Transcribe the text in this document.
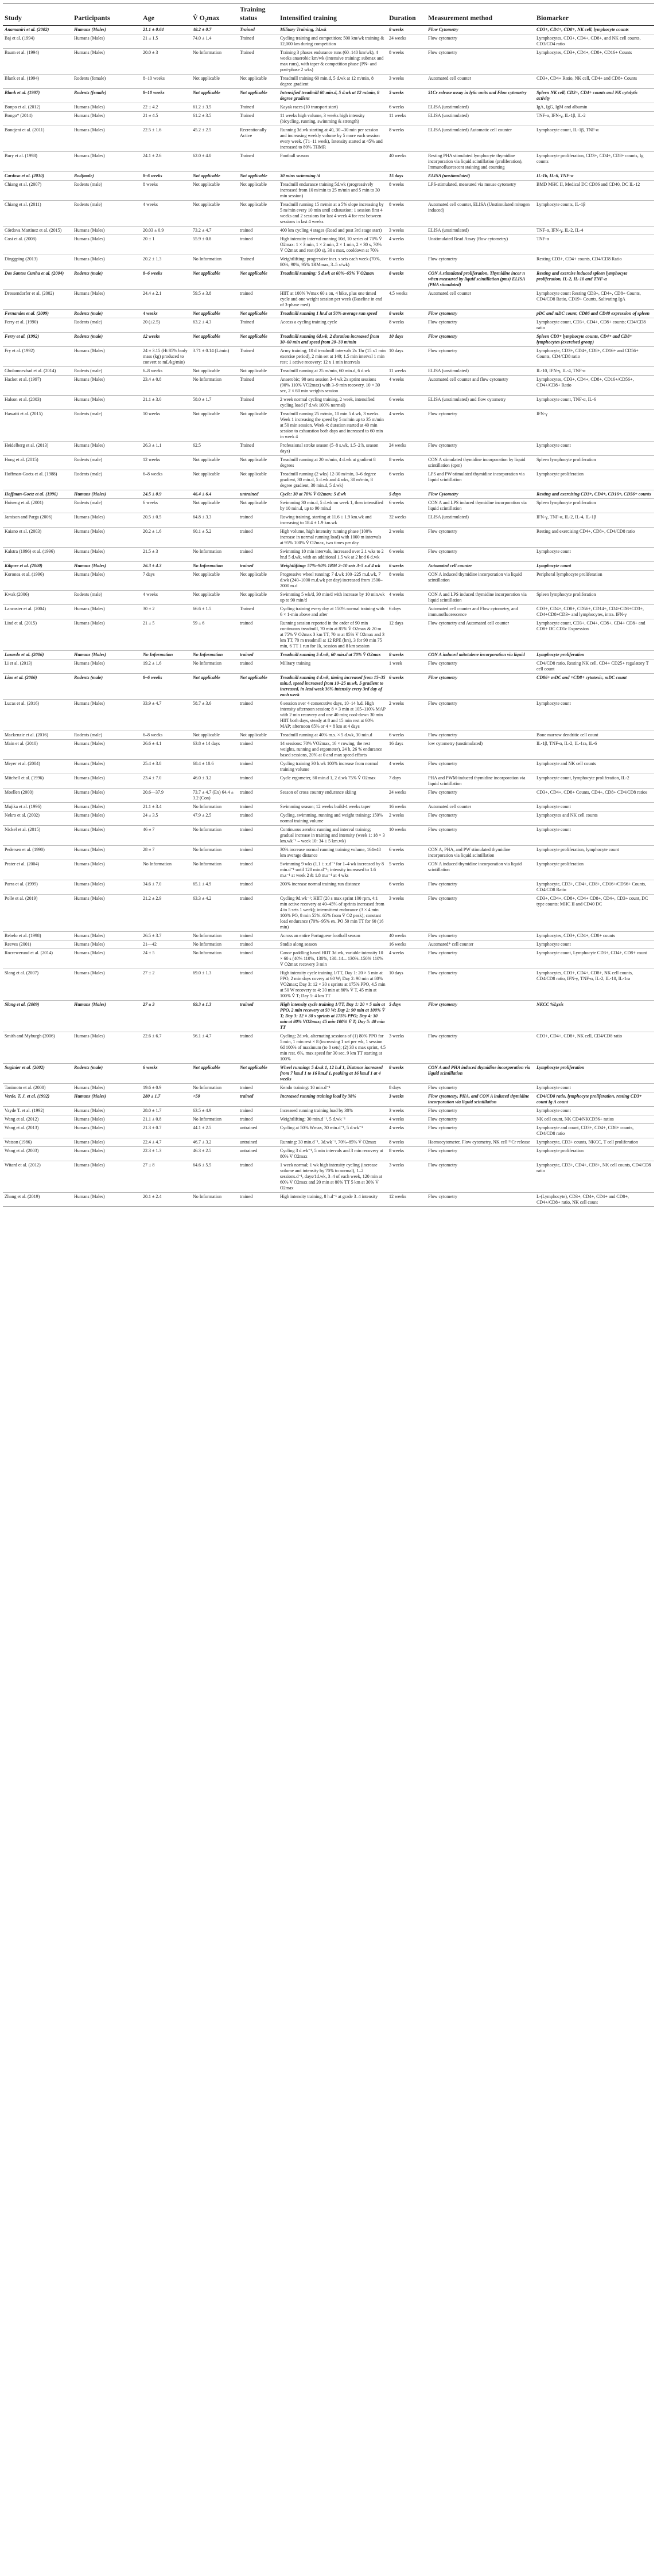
Study	Participants	Age	V̇ O₂max	Training status	Intensified training	Duration	Measurement method	Biomarker
Anamaniri et al. (2002)	Humans (Males)	21.1 ± 0.64	48.2 ± 0.7	Trained	Military Training, 3d.wk	8 weeks	Flow Cytometry	CD3+, CD4+, CD8+, NK cell, lymphocyte counts
Baj et al. (1994)	Humans (Males)	21 ± 1.5	74.0 ± 1.4	Trained	Cycling training and competition; 500 km/wk training & 12,000 km during competition	24 weeks	Flow cytometry	Lymphocytes, CD3+, CD4+, CD8+, and NK cell counts, CD3/CD4 ratio
Baum et al. (1994)	Humans (Males)	20.0 ± 3	No Information	Trained	Training 3 phases endurance runs (60–140 km/wk), 4 weeks anaerobic km/wk (intensive training: submax and max runs), with taper & competition phase (PN- and post-phase 2 wks)	8 weeks	Flow cytometry	Lymphocytes, CD3+, CD4+, CD8+, CD16+ Counts
Blank et al. (1994)	Rodents (female)	8–10 weeks	Not applicable	Not applicable	Treadmill training 60 min.d, 5 d.wk at 12 m/min, 8 degree gradient	3 weeks	Automated cell counter	CD3+, CD4+ Ratio, NK cell, CD4+ and CD8+ Counts
Blank et al. (1997)	Rodents (female)	8–10 weeks	Not applicable	Not applicable	Intensified treadmill 60 min.d, 5 d.wk at 12 m/min, 8 degree gradient	5 weeks	51Cr release assay in lytic units and Flow cytometry	Spleen NK cell, CD3+, CD4+ counts and NK cytolytic activity
Bonpo et al. (2012)	Humans (Males)	22 ± 4.2	61.2 ± 3.5	Trained	Kayak races (10 transport start)	6 weeks	ELISA (unstimulated)	IgA, IgG, IgM and albumin
Bongo* (2014)	Humans (Males)	21 ± 4.5	61.2 ± 3.5	Trained	11 weeks high volume, 3 weeks high intensity (bicycling, running, swimming & strength)	11 weeks	ELISA (unstimulated)	TNF-α, IFN-γ, IL-1β, IL-2
Boncjeni et al. (2011)	Humans (Males)	22.5 ± 1.6	45.2 ± 2.5	Recreationally Active	Running 3d.wk starting at 40, 30 –30 min per session and increasing weekly volume by 5 more each session every week. (T1–11 week), Intensity started at 45% and increased to 80% THMR	8 weeks	ELISA (unstimulated) Automatic cell counter	Lymphocyte count, IL-1β, TNF-α
Bury et al. (1998)	Humans (Males)	24.1 ± 2.6	62.0 ± 4.0	Trained	Football season	40 weeks	Resting PHA stimulated lymphocyte thymidine incorporation via liquid scintillation (proliferation), Immunofluorescent staining and counting	Lymphocyte proliferation, CD3+, CD4+, CD8+ counts, Ig counts
Cardoso et al. (2010)	Rod(male)	8–6 weeks	Not applicable	Not applicable	30 mins swimming /d	15 days	ELISA (unstimulated)	IL-1b, IL-6, TNF-α
Chiang et al. (2007)	Rodents (male)	8 weeks	Not applicable	Not applicable	Treadmill endurance training 5d.wk (progressively increased from 10 m/min to 25 m/min and 5 min to 30 min session)	8 weeks	LPS-stimulated, measured via mouse cytometry	BMD MHC II, Medical DC CD86 and CD40, DC IL-12
Chiang et al. (2011)	Rodents (male)	4 weeks	Not applicable	Not applicable	Treadmill running 15 m/min at a 5% slope increasing by 5 m/min every 10 min until exhaustion; 1 session first 4 weeks and 2 sessions for last 4 week 4 for rest between sessions in last 4 weeks	8 weeks	Automated cell counter, ELISA (Unstimulated mitogen induced)	Lymphocyte counts, IL-1β
Córdova Martinez et al. (2015)	Humans (Males)	20.03 ± 0.9	73.2 ± 4.7	trained	400 km cycling 4 stages (Road and post 3rd stage start)	3 weeks	ELISA (unstimulated)	TNF-α, IFN-γ, IL-2, IL-4
Cosi et al. (2008)	Humans (Males)	20 ± 1	55.9 ± 0.8	trained	High intensity interval running 10d, 10 series of 70% V̇ O2max: 1 × 3 min, 1 × 2 min, 2 × 1 min, 2 × 30 s, 70% V̇ O2max and rest (30 s), 30 s max, cooldown at 70%	4 weeks	Unstimulated Bead Assay (flow cytometry)	TNF-α
Dinggping (2013)	Humans (Males)	20.2 ± 1.3	No Information	Trained	Weightlifting: progressive incr. s sets each week (70%, 80%, 90%, 95% 1RMmax, 3–5 x/wk)	6 weeks	Flow cytometry	Resting CD3+, CD4+ counts, CD4/CD8 Ratio
Dos Santos Cunha et al. (2004)	Rodents (male)	8–6 weeks	Not applicable	Not applicable	Treadmill running: 5 d.wk at 60%–65% V̇ O2max	8 weeks	CON A stimulated proliferation, Thymidine incor n when measured by liquid scintillation (pms) ELISA (PHA stimulated)	Resting and exercise induced spleen lymphocyte proliferation, IL-2, IL-10 and TNF-α
Dressendorfer et al. (2002)	Humans (Males)	24.4 ± 2.1	59.5 ± 3.8	trained	HIIT at 100% Wmax 60 s on, 4 bike, plus one timed cycle and one weight session per week (Baseline in end of 3-phase med)	4.5 weeks	Automated cell counter	Lymphocyte count Resting CD3+, CD4+, CD8+ Counts, CD4/CD8 Ratio, CD19+ Counts, Salivating IgA
Fernandes et al. (2009)	Rodents (male)	4 weeks	Not applicable	Not applicable	Treadmill running 1 hr.d at 50% average run speed	8 weeks	Flow cytometry	pDC and mDC count, CD86 and CD40 expression of spleen
Ferry et al. (1990)	Rodents (male)	20 (±2.5)	63.2 ± 4.3	Trained	Access a cycling training cycle	8 weeks	Flow cytometry	Lymphocyte count, CD3+, CD4+, CD8+ counts; CD4/CD8 ratio
Ferry et al. (1992)	Rodents (male)	12 weeks	Not applicable	Not applicable	Treadmill running 6d.wk, 2 duration increased from 30–60 min and speed from 20–30 m/min	10 days	Flow cytometry	Spleen CD3+ lymphocyte counts, CD4+ and CD8+ lymphocytes (exercised group)
Fry et al. (1992)	Humans (Males)	24 ± 3.15 (Ht 85% body mass (kg) produced to convert to mL/kg/min)	3.71 ± 0.14 (L/min)	Trained	Army training; 10 d treadmill intervals 2x 1hr (15 x1 min exercise period), 2 min set at 140; 1.5 min interval 1 min rest; 1 active recovery: 12 x 1 min intervals	10 days	Flow cytometry	Lymphocyte, CD3+, CD4+, CD8+, CD16+ and CD56+ Counts, CD4/CD8 ratio
Gholamnezhad et al. (2014)	Rodents (male)	6–8 weeks	Not applicable	Not applicable	Treadmill running at 25 m/min, 60 min.d, 6 d.wk	11 weeks	ELISA (unstimulated)	IL-10, IFN-γ, IL-4, TNF-α
Hacket et al. (1997)	Humans (Males)	23.4 ± 0.8	No Information	Trained	Anaerobic; 90 sets session 3-4 wk 2x sprint sessions (90% 110% VO2max) with 3–9 min recovery, 10 × 30 sec, 2 × 60 min weights session	4 weeks	Automated cell counter and flow cytometry	Lymphocytes, CD3+, CD4+, CD8+, CD16+/CD56+, CD4+/CD8+ Ratio
Halson et al. (2003)	Humans (Males)	21.1 ± 3.0	58.0 ± 1.7	Trained	2 week normal cycling training, 2 week, intensified cycling load (7 d.wk 100% normal)	6 weeks	ELISA (unstimulated) and flow cytometry	Lymphocyte count, TNF-α, IL-6
Hawatti et al. (2015)	Rodents (male)	10 weeks	Not applicable	Not applicable	Treadmill running 25 m/min, 10 min 5 d.wk, 3 weeks. Week 1 increasing the speed by 5 m/min up to 35 m/min at 50 min session. Week 4: duration started at 40 min session to exhaustion both days and increased to 60 min in week 4	4 weeks	Flow cytometry	IFN-γ
Heidelberg et al. (2013)	Humans (Males)	26.3 ± 1.1	62.5	Trained	Professional stroke season (5–8 s.wk, 1.5–2 h, season days)	24 weeks	Flow cytometry	Lymphocyte count
Hong et al. (2015)	Rodents (male)	12 weeks	Not applicable	Not applicable	Treadmill running at 20 m/min, 4 d.wk at gradient 8 degrees	8 weeks	CON A stimulated thymidine incorporation by liquid scintillation (cpm)	Spleen lymphocyte proliferation
Hoffman-Goetz et al. (1988)	Rodents (male)	6–8 weeks	Not applicable	Not applicable	Treadmill running (2 wks) 12-30 m/min, 0–6 degree gradient, 30 min.d, 5 d.wk and 4 wks, 30 m/min, 8 degree gradient, 30 min.d, 5 d.wk)	6 weeks	LPS and PW-stimulated thymidine incorporation via liquid scintillation	Lymphocyte proliferation
Hoffman-Goetz et al. (1990)	Humans (Males)	24.5 ± 0.9	46.4 ± 6.4	untrained	Cycle: 30 at 70% V̇ O2max: 5 d.wk	5 days	Flow Cytometry	Resting and exercising CD3+, CD4+, CD16+, CD56+ counts
Hoiseng et al. (2001)	Rodents (male)	6 weeks	Not applicable	Not applicable	Swimming 30 min.d, 5 d.wk on week 1, then intensified by 10 min.d, up to 90 min.d	6 weeks	CON A and LPS induced thymidine incorporation via liquid scintillation	Spleen lymphocyte proliferation
Jamison and Parga (2006)	Humans (Males)	20.5 ± 0.5	64.8 ± 3.3	trained	Rowing training, starting at 11.6 ± 1.9 km.wk and increasing to 18.4 ± 1.9 km.wk	32 weeks	ELISA (unstimulated)	IFN-γ, TNF-α, IL-2, IL-4, IL-1β
Kaiano et al. (2003)	Humans (Males)	20.2 ± 1.6	60.1 ± 5.2	trained	High volume, high intensity running phase (100% increase in normal running load) with 1000 m intervals at 95% 100% V̇ O2max, two times per day	2 weeks	Flow cytometry	Resting and exercising CD4+, CD8+, CD4/CD8 ratio
Kalstra (1996) et al. (1996)	Humans (Males)	21.5 ± 3	No Information	trained	Swimming 10 min intervals, increased over 2.1 wks to 2 hr.d 5 d.wk, with an additional 1.5 wk at 2 hr.d 6 d.wk	6 weeks	Flow cytometry	Lymphocyte count
Kilgore et al. (2000)	Humans (Males)	26.3 ± 4.3	No Information	trained	Weightlifting: 57%–90% 1RM 2–10 sets 3–5 x.d 4 wk	6 weeks	Automated cell counter	Lymphocyte count
Koronea et al. (1996)	Humans (Males)	7 days	Not applicable	Not applicable	Progressive wheel running: 7 d.wk 100–225 m.d.wk, 7 d.wk (240–1000 m.d.wk per day) increased from 1500–2000 m.d	8 weeks	CON A induced thymidine incorporation via liquid scintillation	Peripheral lymphocyte proliferation
Kwak (2006)	Rodents (male)	4 weeks	Not applicable	Not applicable	Swimming 5 wk/d, 30 min/d with increase by 10 min.wk up to 90 min/d	4 weeks	CON A and LPS induced thymidine incorporation via liquid scintillation	Spleen lymphocyte proliferation
Lancaster et al. (2004)	Humans (Males)	30 ± 2	66.6 ± 1.5	Trained	Cycling training every day at 150% normal training with 6 × 1-min above and after	6 days	Automated cell counter and Flow cytometry, and immunofluorescence	CD3+, CD4+, CD8+, CD56+, CD14+, CD4+CD8+CD3+, CD4+CD8+CD3+ and lymphocytes, intra. IFN-γ
Lind et al. (2015)	Humans (Males)	21 ± 5	59 ± 6	trained	Running session reported in the order of 90 min continuous treadmill, 70 min at 85% V̇ O2max & 20 m at 75% V̇ O2max 3 km TT, 70 m at 85% V̇ O2max and 3 km TT, 70 m treadmill at 12 RPE (hrs), 3 for 90 min 75 min, 6 TT 1 run for 1k, session and 8 km session	12 days	Flow cytometry and Automated cell counter	Lymphocyte count, CD3+, CD4+, CD8+, CD4+ CD8+ and CD8+ DC CD1c Expression
Lazardo et al. (2006)	Humans (Males)	No Information	No Information	trained	Treadmill running 5 d.wk, 60 min.d at 70% V̇ O2max	8 weeks	CON A induced mitotalene incorporation via liquid	Lymphocyte proliferation
Li et al. (2013)	Humans (Males)	19.2 ± 1.6	No Information	trained	Military training	1 week	Flow cytometry	CD4/CD8 ratio, Resting NK cell, CD4+ CD25+ regulatory T cell count
Liao et al. (2006)	Rodents (male)	8–6 weeks	Not applicable	Not applicable	Treadmill running 4 d.wk, timing increased from 15–35 min.d, speed increased from 10–25 m.wk, 5 gradient to increased, in lead week 36% intensity every 3rd day of each week	6 weeks	Flow cytometry	CD86+ mDC and +CD8+ cytotoxic, mDC count
Lucas et al. (2016)	Humans (Males)	33.9 ± 4.7	58.7 ± 3.6	trained	6 session over 4 consecutive days, 10–14 h.d. High intensity afternoon session; 8 × 3 min at 105–110% MAP with 2 min recovery and one 40 min; cool-down 30 min HIIT both days, steady at 8 and 15 min rest at 60% MAP; afternoon 65% or 4 × 8 km at 4 days	2 weeks	Flow cytometry	Lymphocyte count
Mackenzie et al. (2016)	Rodents (male)	6–8 weeks	Not applicable	Not applicable	Treadmill running at 40% m.s. × 5 d.wk, 30 min.d	6 weeks	Flow cytometry	Bone marrow dendritic cell count
Main et al. (2010)	Humans (Males)	26.6 ± 4.1	63.8 ± 14 days	trained	14 sessions: 70% VO2max, 16 × rowing, the rest weights, running and ergometer), 24 h, 26 % endurance based sessions, 20% at 0 and max speed efforts	16 days	low cytometry (unstimulated)	IL-1β, TNF-α, IL-2, IL-1ra, IL-6
Meyer et al. (2004)	Humans (Males)	25.4 ± 3.8	68.4 ± 10.6	trained	Cycling training 30 h.wk 100% increase from normal training volume	4 weeks	Flow cytometry	Lymphocyte and NK cell counts
Mitchell et al. (1996)	Humans (Males)	23.4 ± 7.0	46.0 ± 3.2	trained	Cycle ergometer, 60 min.d 1, 2 d.wk 75% V̇ O2max	7 days	PHA and PWM-induced thymidine incorporation via liquid scintillation	Lymphocyte count, lymphocyte proliferation, IL-2
Moellen (2000)	Humans (Males)	20.6—37.9	73.7 ± 4.7 (Ex) 64.4 ± 3.2 (Con)	trained	Season of cross country endurance skiing	24 weeks	Flow cytometry	CD3+, CD4+, CD8+ Counts, CD4+, CD8+ CD4/CD8 ratios
Mujika et al. (1996)	Humans (Males)	21.1 ± 3.4	No Information	trained	Swimming season; 12 weeks build-4 weeks taper	16 weeks	Automated cell counter	Lymphocyte count
Nekro et al. (2002)	Humans (Males)	24 ± 3.5	47.9 ± 2.5	trained	Cycling, swimming, running and weight training; 150% normal training volume	2 weeks	Flow cytometry	Lymphocytes and NK cell counts
Nickel et al. (2015)	Humans (Males)	46 ± 7	No Information	trained	Continuous aerobic running and interval training; gradual increase in training and intensity (week 1: 18 × 3 km.wk⁻¹ – week 10: 34 ± 5 km.wk)	10 weeks	Flow cytometry	Lymphocyte count
Pedersen et al. (1990)	Humans (Males)	28 ± 7	No Information	trained	30% increase normal running training volume, 164±48 km average distance	6 weeks	CON A, PHA, and PW stimulated thymidine incorporation via liquid scintillation	Lymphocyte proliferation, lymphocyte count
Prater et al. (2004)	Humans (Males)	No Information	No Information	trained	Swimming 9 wks (1.1 ± x.d⁻¹ for 1–4 wk increased by 8 min.d⁻¹ until 120 min.d⁻¹; intensity increased to 1.6 m.s⁻¹ at week 2 & 1.8 m.s⁻¹ at 4 wks	5 weeks	CON A induced thymidine incorporation via liquid scintillation	Lymphocyte proliferation
Parra et al. (1999)	Humans (Males)	34.6 ± 7.0	65.1 ± 4.9	trained	200% increase normal training run distance	6 weeks	Flow cytometry	Lymphocyte, CD3+, CD4+, CD8+, CD16+/CD56+ Counts, CD4/CD8 Ratio
Polle et al. (2019)	Humans (Males)	21.2 ± 2.9	63.3 ± 4.2	trained	Cycling 9d.wk⁻¹; HIIT (20 s max sprint 100 rpm, 4:1 min active recovery at 40–45% of sprints increased from 4 to 5 sets 1 week); intermittent endurance (3 × 4 min 100% PO, 8 min 55%–65% from V̇ O2 peak); constant load endurance (70%–95% ex. PO 50 min TT for 60 (16 min)	3 weeks	Flow cytometry	CD3+, CD4+, CD8+, CD4+ CD8+, CD4+, CD3+ count, DC type counts; MHC II and CD40 DC
Rebelo et al. (1998)	Humans (Males)	26.5 ± 3.7	No Information	trained	Across an entire Portuguese football season	40 weeks	Flow cytometry	Lymphocytes, CD3+, CD4+, CD8+ counts
Reeves (2001)	Humans (Males)	21—42	No Information	trained	Studio along season	16 weeks	Automated* cell counter	Lymphocyte count
Rocrewerund et al. (2014)	Humans (Males)	24 ± 5	No Information	trained	Canoe paddling based HIIT 3d.wk, variable intensity 10 × 60 s (40% 110%, 130%, 130–14... 130%–150% 110% V̇ O2max recovery 3 min	4 weeks	Flow cytometry	Lymphocyte count, Lymphocyte CD3+, CD4+, CD8+ count
Slang et al. (2007)	Humans (Males)	27 ± 2	69.0 ± 1.3	trained	High intensity cycle training 1/TT, Day 1: 20 × 5 min at PPO, 2 min days covery at 60 W; Day 2: 90 min at 80% VO2max; Day 3: 12 × 30 s sprints at 175% PPO, 4.5 min at 50 W recovery to 4: 30 min at 80% V̇ T, 45 min at 100% V̇ T; Day 5: 4 km TT	10 days	Flow cytometry	Lymphocytes, CD3+, CD4+, CD8+, NK cell counts, CD4/CD8 ratio, IFN-γ, TNF-α, IL-2, IL-10, IL-1ra
Slang et al. (2009)	Humans (Males)	27 ± 3	69.3 ± 1.3	trained	High intensity cycle training 1/TT, Day 1: 20 × 5 min at PPO, 2 min recovery at 50 W; Day 2: 90 min at 100% V̇ T; Day 3: 12 × 30 s sprints at 175% PPO; Day 4: 30 min at 80% VO2max; 45 min 100% V̇ T; Day 5: 40 min TT	5 days	Flow cytometry	NKCC %Lysis
Smith and Myburgh (2006)	Humans (Males)	22.6 ± 6.7	56.1 ± 4.7	trained	Cycling; 2d.wk, alternating sessions of (1) 80% PPO for 5 min, 1 min rest × 8 (increasing 1 set per wk, 1 session 6d 100% of maximum (to 8 sets); (2) 30 s max sprint, 4.5 min rest. 6%, max speed for 30 sec. 9 km TT starting at 100%	3 weeks	Flow cytometry	CD3+, CD4+, CD8+, NK cell, CD4/CD8 ratio
Suginier et al. (2002)	Rodents (male)	6 weeks	Not applicable	Not applicable	Wheel running: 5 d.wk 1, 12 h.d 1, Distance increased from 7 km.d 1 to 16 km.d 1, peaking at 16 km.d 1 at 4 weeks	8 weeks	CON A and PHA induced thymidine incorporation via liquid scintillation	Lymphocyte proliferation
Tanimoto et al. (2008)	Humans (Males)	19.6 ± 0.9	No Information	trained	Kendo training: 10 min.d⁻¹	8 days	Flow cytometry	Lymphocyte count
Verde, T. J. et al. (1992)	Humans (Males)	280 ± 1.7	>50	trained	Increased running training load by 38%	3 weeks	Flow cytometry, PHA, and CON A induced thymidine incorporation via liquid scintillation	CD4/CD8 ratio, lymphocyte proliferation, resting CD3+ count Ig A count
Vayde T. et al. (1992)	Humans (Males)	28.0 ± 1.7	63.5 ± 4.9	trained	Increased running training load by 38%	3 weeks	Flow cytometry	Lymphocyte count
Wang et al. (2012)	Humans (Males)	21.1 ± 0.8	No Information	trained	Weightlifting; 30 min.d⁻¹, 5 d.wk⁻¹	4 weeks	Flow cytometry	NK cell count, NK CD4/NKCD56+ ratios
Wang et al. (2013)	Humans (Males)	21.3 ± 0.7	44.1 ± 2.5	untrained	Cycling at 50% Wmax, 30 min.d⁻¹, 5 d.wk⁻¹	4 weeks	Flow cytometry	Lymphocyte and count, CD3+, CD4+, CD8+ counts, CD4/CD8 ratio
Watson (1986)	Humans (Males)	22.4 ± 4.7	46.7 ± 3.2	untrained	Running: 30 min.d⁻¹, 3d.wk⁻¹, 70%–85% V̇ O2max	8 weeks	Haemocytometer, Flow cytometry, NK cell ⁵¹Cr release	Lymphocyte, CD3+ counts, NKCC, T cell proliferation
Wang et al. (2003)	Humans (Males)	22.3 ± 1.3	46.3 ± 2.5	untrained	Cycling 3 d.wk⁻¹, 5 min intervals and 3 min recovery at 80% V̇ O2max	8 weeks	Flow cytometry	Lymphocyte proliferation
Witard et al. (2012)	Humans (Males)	27 ± 8	64.6 ± 5.5	trained	1 week normal; 1 wk high intensity cycling (increase volume and intensity by 70% to normal), 1–2 sessions.d⁻¹, days/1d.wk, 3–4 of each week, 120 min at 60% V̇ O2max and 20 min at 80% TT 5 km at 30% V̇ O2max	3 weeks	Flow cytometry	Lymphocyte, CD3+, CD4+, CD8+, NK cell counts, CD4/CD8 ratio
Zhang et al. (2019)	Humans (Males)	20.1 ± 2.4	No Information	trained	High intensity training, 8 h.d⁻¹ at grade 3–4 intensity	12 weeks	Flow cytometry	L-(Lymphocyte), CD3+, CD4+, CD4+ and CD8+, CD4+/CD8+ ratio, NK cell count
